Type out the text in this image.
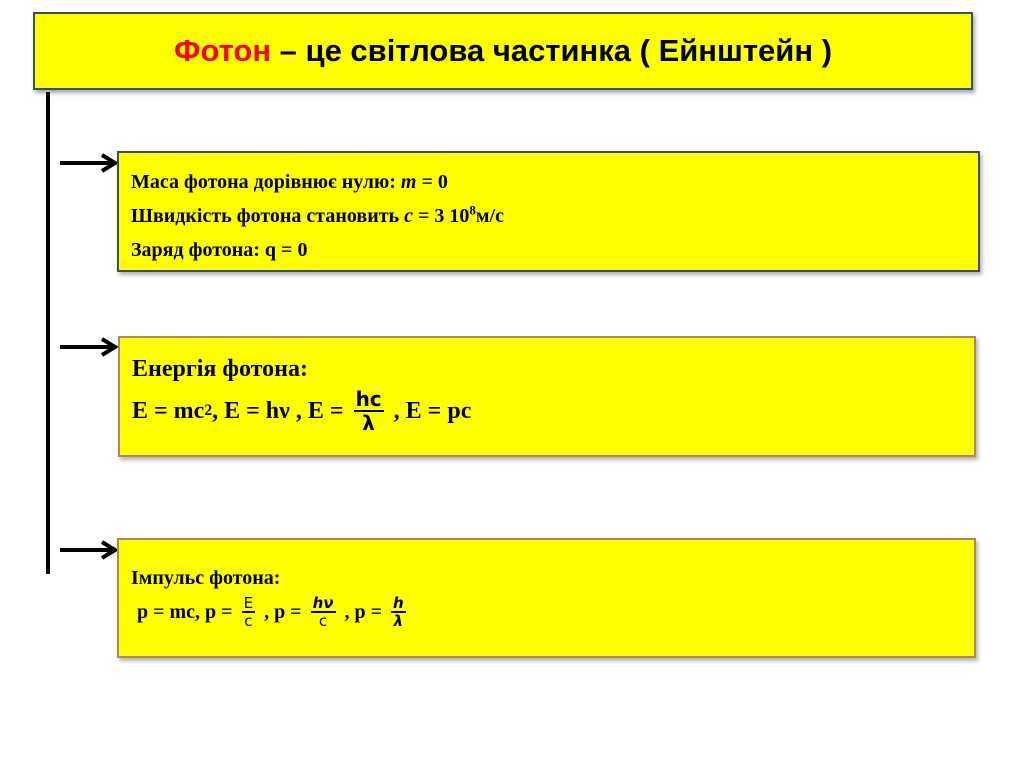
Фотон – це світлова частинка ( Ейнштейн )
Маса фотона дорівнює нулю: m = 0
Швидкість фотона становить c = 3 $10^8м/с$
Заряд фотона: q = 0
Енергія фотона:
E = mc 2 , E = hν , $E = \frac{hc}{\lambda}$ , E = pc
Імпульс фотона:
p = mc, $p = \frac{E}{c}$ , $p = \frac{h\nu}{c}$ , $p = \frac{h}{\lambda}$
